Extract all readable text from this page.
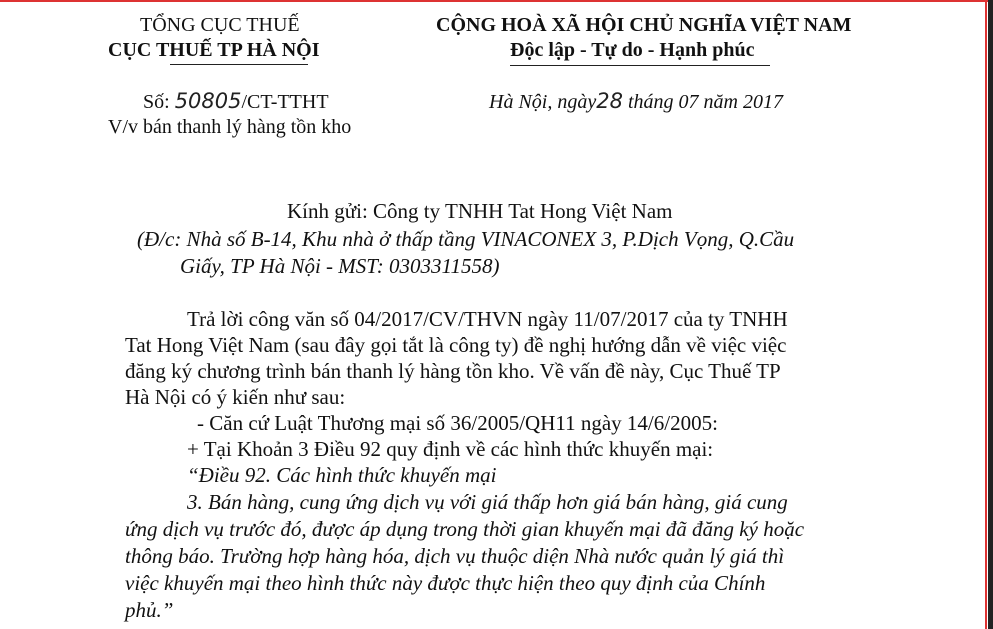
TỔNG CỤC THUẾ
CỤC THUẾ TP HÀ NỘI
Số: 50805/CT-TTHT
V/v bán thanh lý hàng tồn kho
CỘNG HOÀ XÃ HỘI CHỦ NGHĨA VIỆT NAM
Độc lập - Tự do - Hạnh phúc
Hà Nội, ngày28 tháng 07 năm 2017
Kính gửi: Công ty TNHH Tat Hong Việt Nam
(Đ/c: Nhà số B-14, Khu nhà ở thấp tầng VINACONEX 3, P.Dịch Vọng, Q.Cầu
Giấy, TP Hà Nội - MST: 0303311558)
Trả lời công văn số 04/2017/CV/THVN ngày 11/07/2017 của ty TNHH
Tat Hong Việt Nam (sau đây gọi tắt là công ty) đề nghị hướng dẫn về việc việc
đăng ký chương trình bán thanh lý hàng tồn kho. Về vấn đề này, Cục Thuế TP
Hà Nội có ý kiến như sau:
- Căn cứ Luật Thương mại số 36/2005/QH11 ngày 14/6/2005:
+ Tại Khoản 3 Điều 92 quy định về các hình thức khuyến mại:
“Điều 92. Các hình thức khuyến mại
3. Bán hàng, cung ứng dịch vụ với giá thấp hơn giá bán hàng, giá cung
ứng dịch vụ trước đó, được áp dụng trong thời gian khuyến mại đã đăng ký hoặc
thông báo. Trường hợp hàng hóa, dịch vụ thuộc diện Nhà nước quản lý giá thì
việc khuyến mại theo hình thức này được thực hiện theo quy định của Chính
phủ.”
